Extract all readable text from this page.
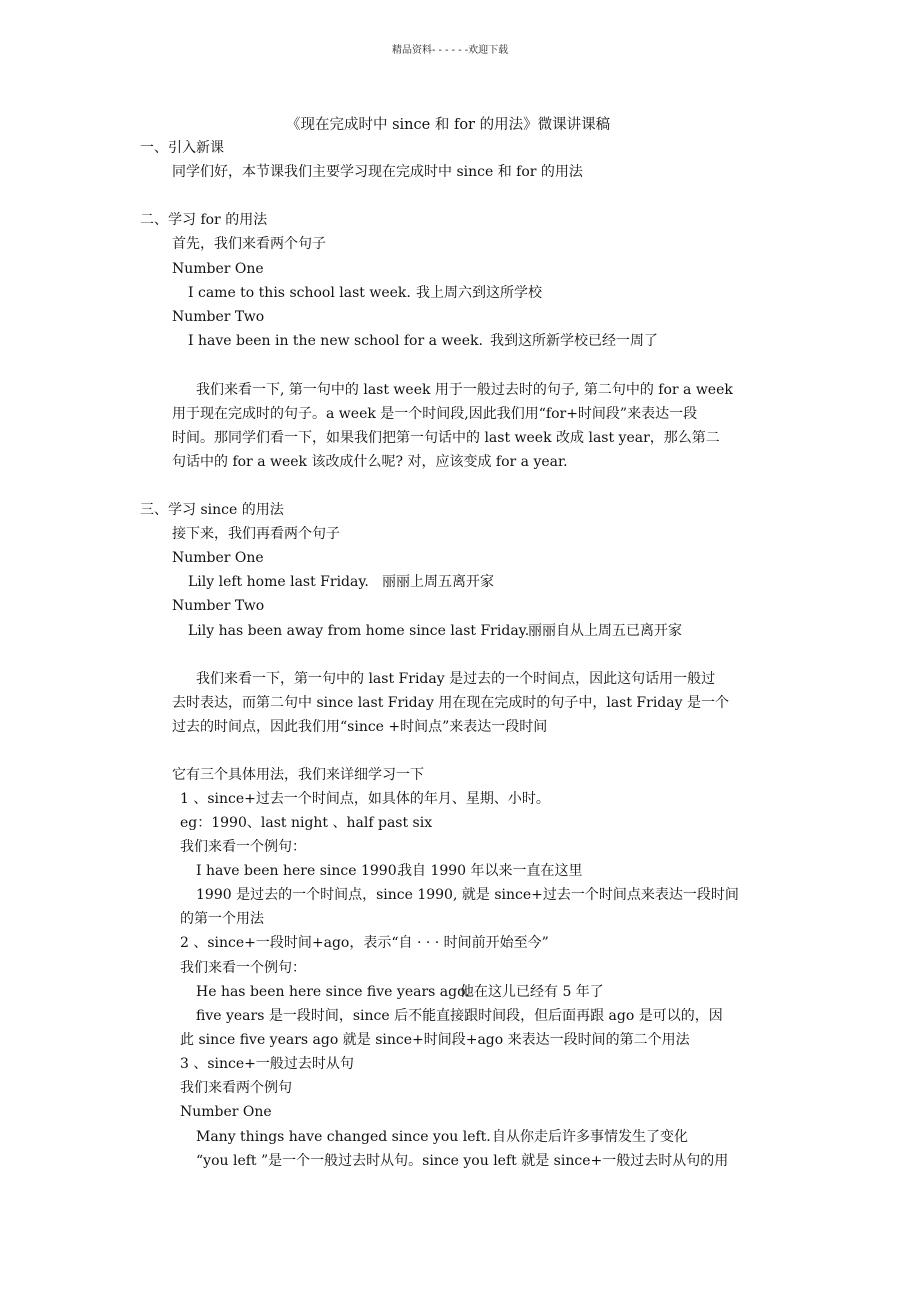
精品资料- - - - - -欢迎下载
《现在完成时中 since 和 for 的用法》微课讲课稿
一、引入新课
同学们好，本节课我们主要学习现在完成时中 since 和 for 的用法
二、学习 for 的用法
首先，我们来看两个句子
Number One
I came to this school last week. 我上周六到这所学校
Number Two
I have been in the new school for a week. 我到这所新学校已经一周了
我们来看一下, 第一句中的 last week 用于一般过去时的句子, 第二句中的 for a week
用于现在完成时的句子。a week 是一个时间段,因此我们用“for+时间段”来表达一段
时间。那同学们看一下，如果我们把第一句话中的 last week 改成 last year，那么第二
句话中的 for a week 该改成什么呢? 对，应该变成 for a year.
三、学习 since 的用法
接下来，我们再看两个句子
Number One
Lily left home last Friday. 丽丽上周五离开家
Number Two
Lily has been away from home since last Friday.
丽丽自从上周五已离开家
我们来看一下，第一句中的 last Friday 是过去的一个时间点，因此这句话用一般过
去时表达，而第二句中 since last Friday 用在现在完成时的句子中，last Friday 是一个
过去的时间点，因此我们用“since +时间点”来表达一段时间
它有三个具体用法，我们来详细学习一下
1 、since+过去一个时间点，如具体的年月、星期、小时。
eg：1990、last night 、half past six
我们来看一个例句：
I have been here since 1990.
我自 1990 年以来一直在这里
1990 是过去的一个时间点，since 1990, 就是 since+过去一个时间点来表达一段时间
的第一个用法
2 、since+一段时间+ago，表示“自 · · · 时间前开始至今”
我们来看一个例句：
He has been here since five years ago.
他在这儿已经有 5 年了
five years 是一段时间，since 后不能直接跟时间段，但后面再跟 ago 是可以的，因
此 since five years ago 就是 since+时间段+ago 来表达一段时间的第二个用法
3 、since+一般过去时从句
我们来看两个例句
Number One
Many things have changed since you left. 自从你走后许多事情发生了变化
“you left ”是一个一般过去时从句。since you left 就是 since+一般过去时从句的用
